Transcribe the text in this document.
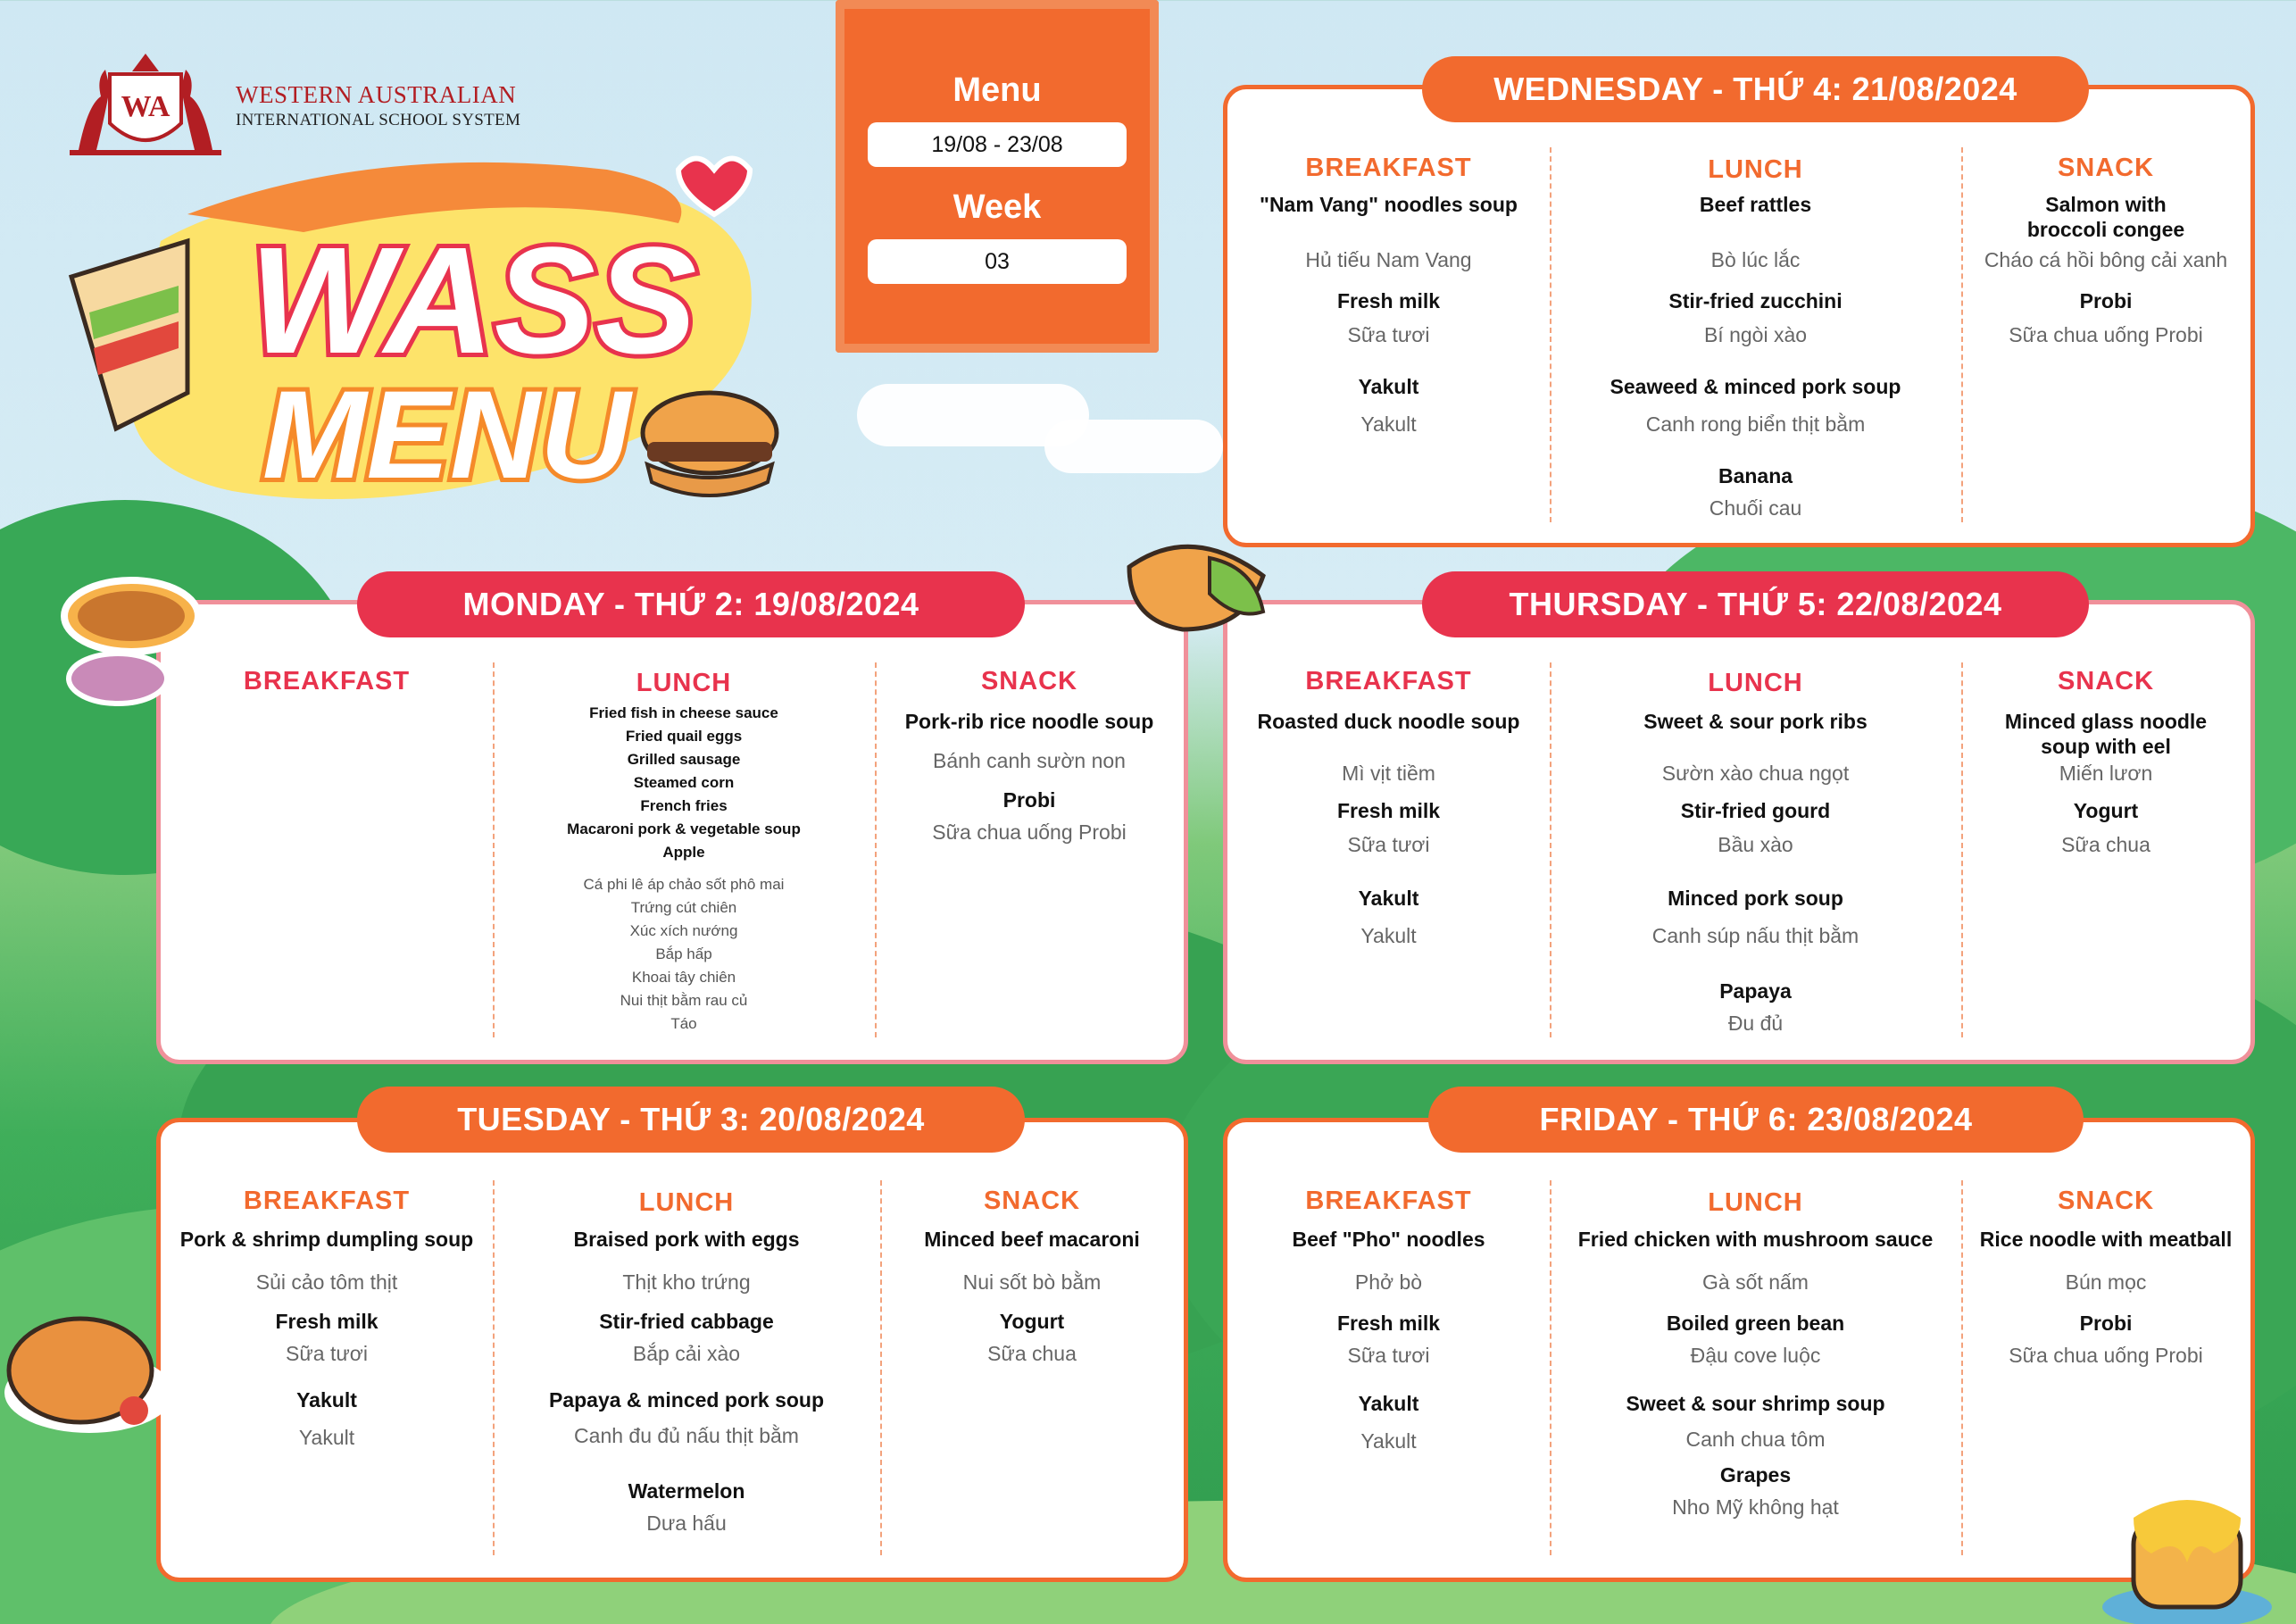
WA	WESTERN AUSTRALIAN
INTERNATIONAL SCHOOL SYSTEM
WASS
MENU
Menu
19/08 - 23/08
Week
03
BREAKFAST
"Nam Vang" noodles soup
Hủ tiếu Nam Vang
Fresh milk
Sữa tươi
Yakult
Yakult
LUNCH
Beef rattles
Bò lúc lắc
Stir-fried zucchini
Bí ngòi xào
Seaweed & minced pork soup
Canh rong biển thịt bằm
Banana
Chuối cau
SNACK
Salmon with
broccoli congee
Cháo cá hồi bông cải xanh
Probi
Sữa chua uống Probi
WEDNESDAY - THỨ 4: 21/08/2024
BREAKFAST	LUNCH
Fried fish in cheese sauce
Fried quail eggs
Grilled sausage
Steamed corn
French fries
Macaroni pork & vegetable soup
Apple
Cá phi lê áp chảo sốt phô mai
Trứng cút chiên
Xúc xích nướng
Bắp hấp
Khoai tây chiên
Nui thịt bằm rau củ
Táo
SNACK
Pork-rib rice noodle soup
Bánh canh sườn non
Probi
Sữa chua uống Probi
MONDAY - THỨ 2: 19/08/2024
BREAKFAST
Roasted duck noodle soup
Mì vịt tiềm
Fresh milk
Sữa tươi
Yakult
Yakult
LUNCH
Sweet & sour pork ribs
Sườn xào chua ngọt
Stir-fried gourd
Bầu xào
Minced pork soup
Canh súp nấu thịt bằm
Papaya
Đu đủ
SNACK
Minced glass noodle
soup with eel
Miến lươn
Yogurt
Sữa chua
THURSDAY - THỨ 5: 22/08/2024
BREAKFAST
Pork & shrimp dumpling soup
Sủi cảo tôm thịt
Fresh milk
Sữa tươi
Yakult
Yakult
LUNCH
Braised pork with eggs
Thịt kho trứng
Stir-fried cabbage
Bắp cải xào
Papaya & minced pork soup
Canh đu đủ nấu thịt bằm
Watermelon
Dưa hấu
SNACK
Minced beef macaroni
Nui sốt bò bằm
Yogurt
Sữa chua
TUESDAY - THỨ 3: 20/08/2024
BREAKFAST
Beef "Pho" noodles
Phở bò
Fresh milk
Sữa tươi
Yakult
Yakult
LUNCH
Fried chicken with mushroom sauce
Gà sốt nấm
Boiled green bean
Đậu cove luộc
Sweet & sour shrimp soup
Canh chua tôm
Grapes
Nho Mỹ không hạt
SNACK
Rice noodle with meatball
Bún mọc
Probi
Sữa chua uống Probi
FRIDAY - THỨ 6: 23/08/2024
